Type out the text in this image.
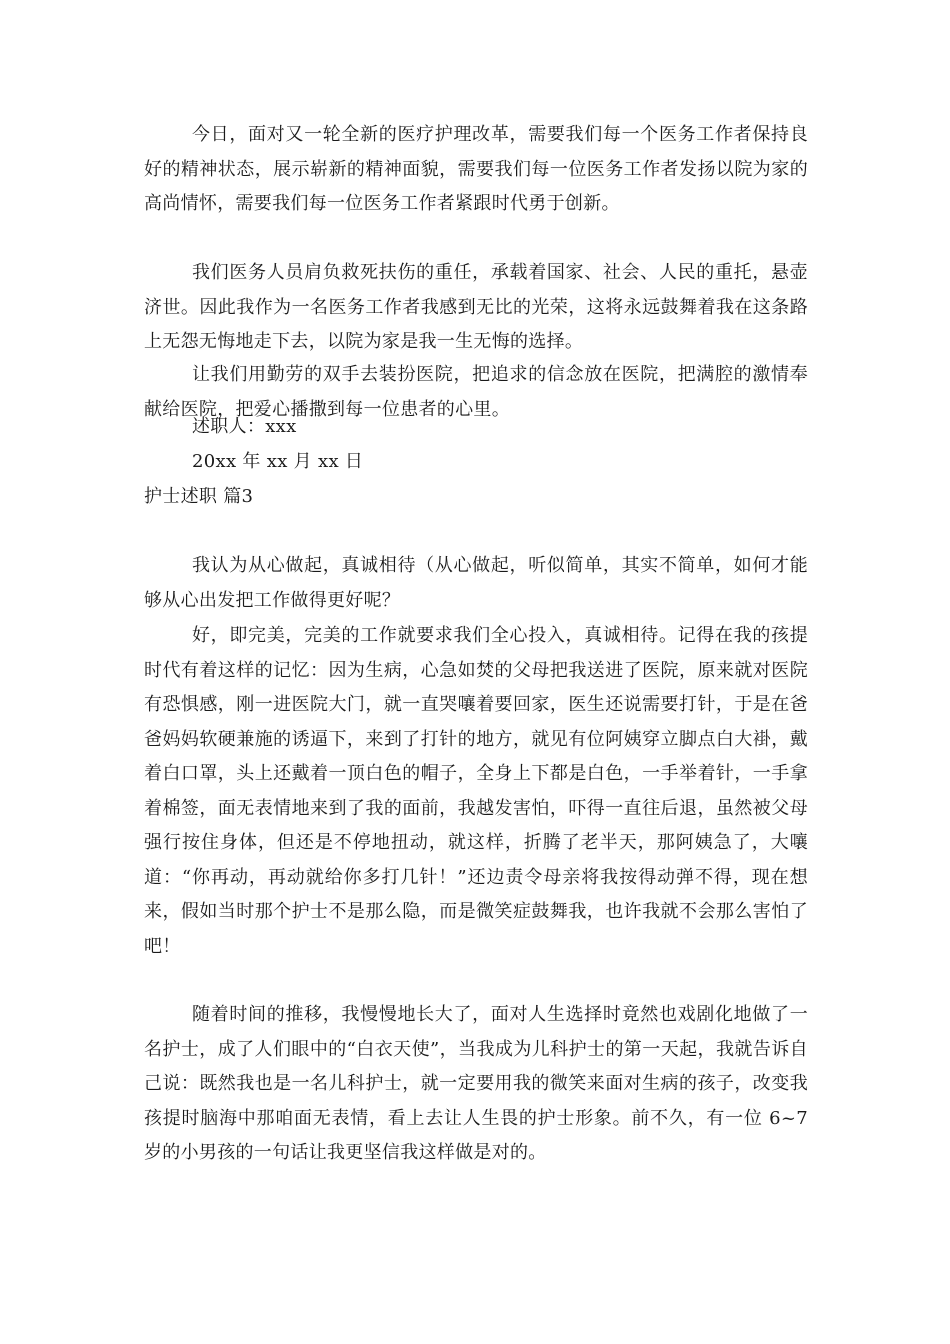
今日，面对又一轮全新的医疗护理改革，需要我们每一个医务工作者保持良好的精神状态，展示崭新的精神面貌，需要我们每一位医务工作者发扬以院为家的高尚情怀，需要我们每一位医务工作者紧跟时代勇于创新。

我们医务人员肩负救死扶伤的重任，承载着国家、社会、人民的重托，悬壶济世。因此我作为一名医务工作者我感到无比的光荣，这将永远鼓舞着我在这条路上无怨无悔地走下去，以院为家是我一生无悔的选择。

让我们用勤劳的双手去装扮医院，把追求的信念放在医院，把满腔的激情奉献给医院，把爱心播撒到每一位患者的心里。

述职人：xxx

20xx 年 xx 月 xx 日

护士述职 篇3

我认为从心做起，真诚相待（从心做起，听似简单，其实不简单，如何才能够从心出发把工作做得更好呢？

好，即完美，完美的工作就要求我们全心投入，真诚相待。记得在我的孩提时代有着这样的记忆：因为生病，心急如焚的父母把我送进了医院，原来就对医院有恐惧感，刚一进医院大门，就一直哭嚷着要回家，医生还说需要打针，于是在爸爸妈妈软硬兼施的诱逼下，来到了打针的地方，就见有位阿姨穿立脚点白大褂，戴着白口罩，头上还戴着一顶白色的帽子，全身上下都是白色，一手举着针，一手拿着棉签，面无表情地来到了我的面前，我越发害怕，吓得一直往后退，虽然被父母强行按住身体，但还是不停地扭动，就这样，折腾了老半天，那阿姨急了，大嚷道：“你再动，再动就给你多打几针！”还边责令母亲将我按得动弹不得，现在想来，假如当时那个护士不是那么隐，而是微笑症鼓舞我，也许我就不会那么害怕了吧！

随着时间的推移，我慢慢地长大了，面对人生选择时竟然也戏剧化地做了一名护士，成了人们眼中的“白衣天使”，当我成为儿科护士的第一天起，我就告诉自己说：既然我也是一名儿科护士，就一定要用我的微笑来面对生病的孩子，改变我孩提时脑海中那咱面无表情，看上去让人生畏的护士形象。前不久，有一位 6~7 岁的小男孩的一句话让我更坚信我这样做是对的。
